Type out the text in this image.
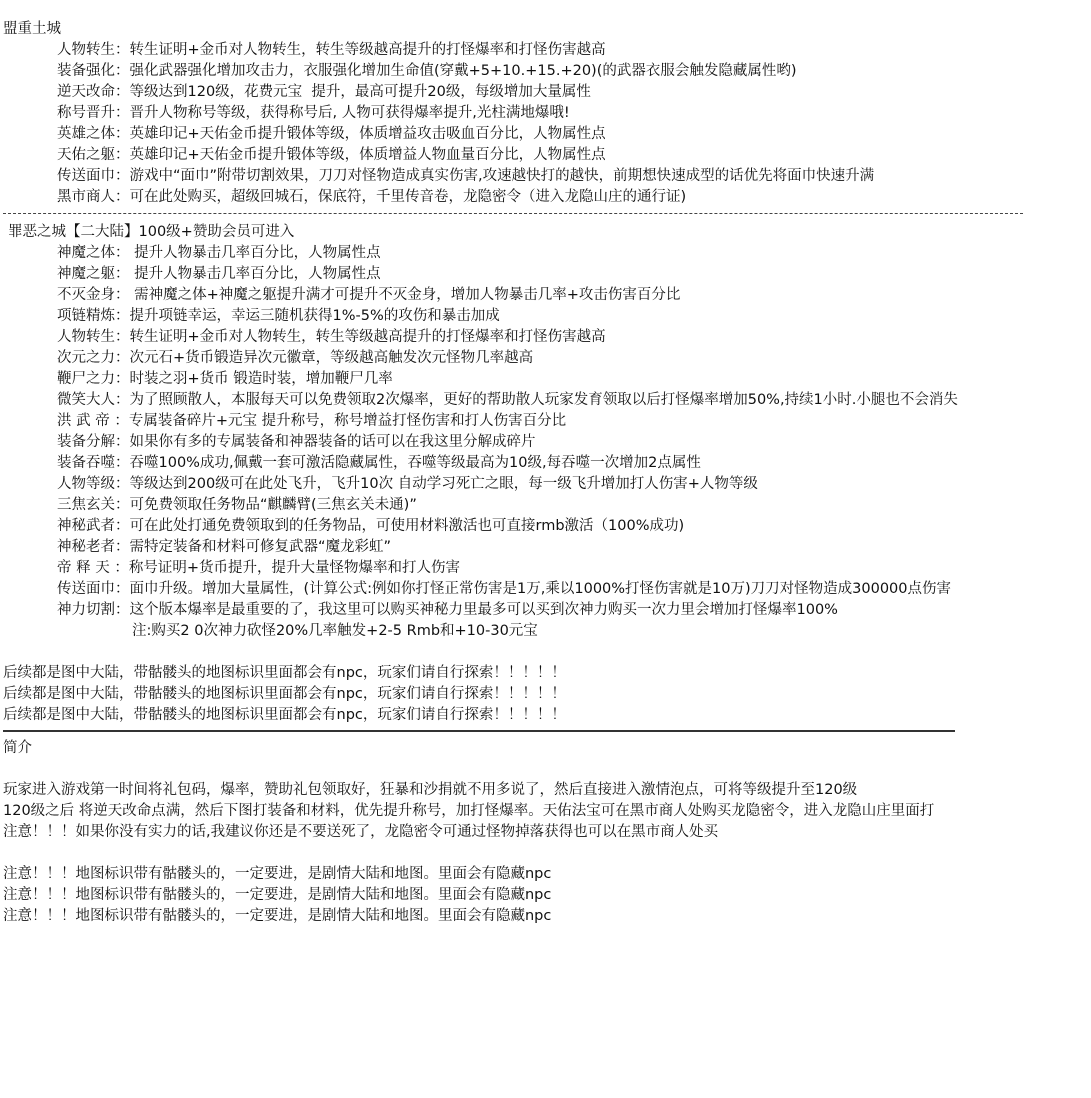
盟重土城
人物转生： 转生证明+金币对人物转生，转生等级越高提升的打怪爆率和打怪伤害越高
装备强化： 强化武器强化增加攻击力，衣服强化增加生命值(穿戴+5+10.+15.+20)(的武器衣服会触发隐藏属性哟)
逆天改命： 等级达到120级，花费元宝  提升，最高可提升20级，每级增加大量属性
称号晋升： 晋升人物称号等级，获得称号后, 人物可获得爆率提升,光柱满地爆哦!
英雄之体： 英雄印记+天佑金币提升锻体等级，体质增益攻击吸血百分比，人物属性点
天佑之躯： 英雄印记+天佑金币提升锻体等级，体质增益人物血量百分比，人物属性点
传送面巾： 游戏中“面巾”附带切割效果，刀刀对怪物造成真实伤害,攻速越快打的越快，前期想快速成型的话优先将面巾快速升满
黑市商人： 可在此处购买，超级回城石，保底符，千里传音卷，龙隐密令（进入龙隐山庄的通行证)
罪恶之城【二大陆】100级+赞助会员可进入
神魔之体： 提升人物暴击几率百分比，人物属性点
神魔之躯： 提升人物暴击几率百分比，人物属性点
不灭金身： 需神魔之体+神魔之躯提升满才可提升不灭金身，增加人物暴击几率+攻击伤害百分比
项链精炼： 提升项链幸运，幸运三随机获得1%-5%的攻伤和暴击加成
人物转生： 转生证明+金币对人物转生，转生等级越高提升的打怪爆率和打怪伤害越高
次元之力： 次元石+货币锻造异次元徽章，等级越高触发次元怪物几率越高
鞭尸之力： 时装之羽+货币 锻造时装，增加鞭尸几率
微笑大人： 为了照顾散人，本服每天可以免费领取2次爆率，更好的帮助散人玩家发育领取以后打怪爆率增加50%,持续1小时.小腿也不会消失
洪 武 帝 ： 专属装备碎片+元宝 提升称号，称号增益打怪伤害和打人伤害百分比
装备分解： 如果你有多的专属装备和神器装备的话可以在我这里分解成碎片
装备吞噬： 吞噬100%成功,佩戴一套可激活隐藏属性，吞噬等级最高为10级,每吞噬一次增加2点属性
人物等级： 等级达到200级可在此处飞升，飞升10次 自动学习死亡之眼，每一级飞升增加打人伤害+人物等级
三焦玄关： 可免费领取任务物品“麒麟臂(三焦玄关未通)”
神秘武者： 可在此处打通免费领取到的任务物品，可使用材料激活也可直接rmb激活（100%成功)
神秘老者： 需特定装备和材料可修复武器“魔龙彩虹”
帝 释 天 ： 称号证明+货币提升，提升大量怪物爆率和打人伤害
传送面巾： 面巾升级。增加大量属性，(计算公式:例如你打怪正常伤害是1万,乘以1000%打怪伤害就是10万)刀刀对怪物造成300000点伤害
神力切割： 这个版本爆率是最重要的了，我这里可以购买神秘力里最多可以买到次神力购买一次力里会增加打怪爆率100%
注:购买2 0次神力砍怪20%几率触发+2-5 Rmb和+10-30元宝
后续都是图中大陆，带骷髅头的地图标识里面都会有npc，玩家们请自行探索！！！！！
后续都是图中大陆，带骷髅头的地图标识里面都会有npc，玩家们请自行探索！！！！！
后续都是图中大陆，带骷髅头的地图标识里面都会有npc，玩家们请自行探索！！！！！
简介
玩家进入游戏第一时间将礼包码，爆率，赞助礼包领取好，狂暴和沙捐就不用多说了，然后直接进入激情泡点，可将等级提升至120级
120级之后 将逆天改命点满，然后下图打装备和材料，优先提升称号，加打怪爆率。天佑法宝可在黑市商人处购买龙隐密令，进入龙隐山庄里面打
注意！！！如果你没有实力的话,我建议你还是不要送死了，龙隐密令可通过怪物掉落获得也可以在黑市商人处买
注意！！！地图标识带有骷髅头的，一定要进，是剧情大陆和地图。里面会有隐藏npc
注意！！！地图标识带有骷髅头的，一定要进，是剧情大陆和地图。里面会有隐藏npc
注意！！！地图标识带有骷髅头的，一定要进，是剧情大陆和地图。里面会有隐藏npc
